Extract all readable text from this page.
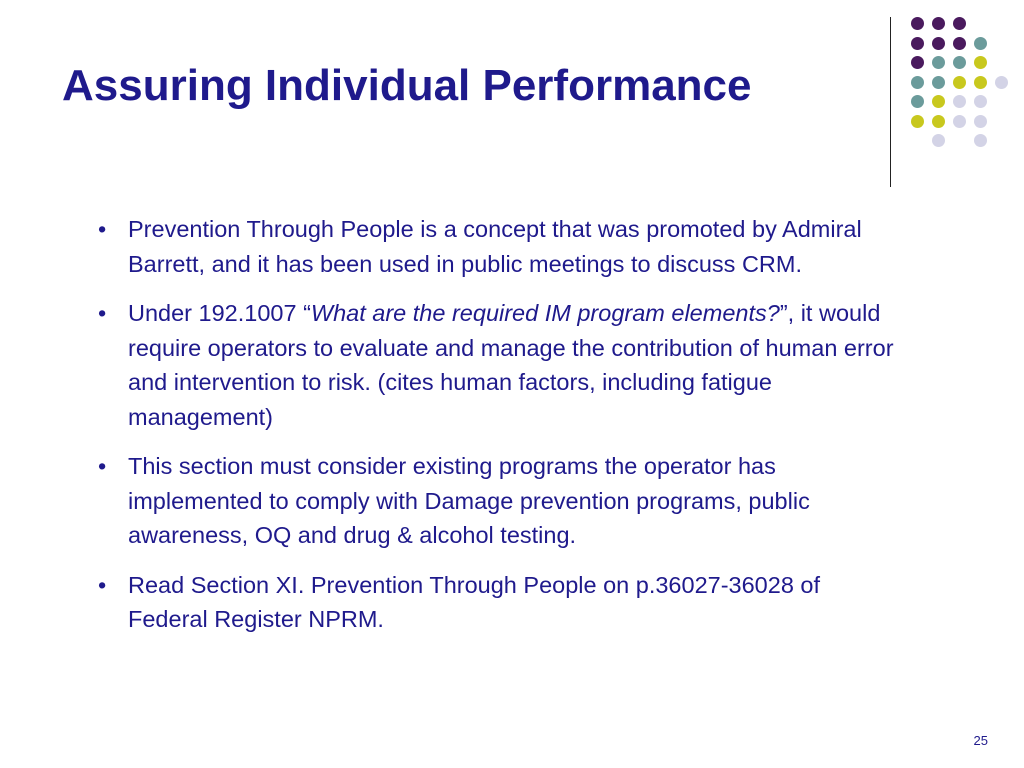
Assuring Individual Performance
• Prevention Through People is a concept that was promoted by Admiral Barrett, and it has been used in public meetings to discuss CRM.
• Under 192.1007 “What are the required IM program elements?”, it would require operators to evaluate and manage the contribution of human error and intervention to risk. (cites human factors, including fatigue management)
• This section must consider existing programs the operator has implemented to comply with Damage prevention programs, public awareness, OQ and drug & alcohol testing.
• Read Section XI. Prevention Through People on p.36027-36028 of Federal Register NPRM.
25
